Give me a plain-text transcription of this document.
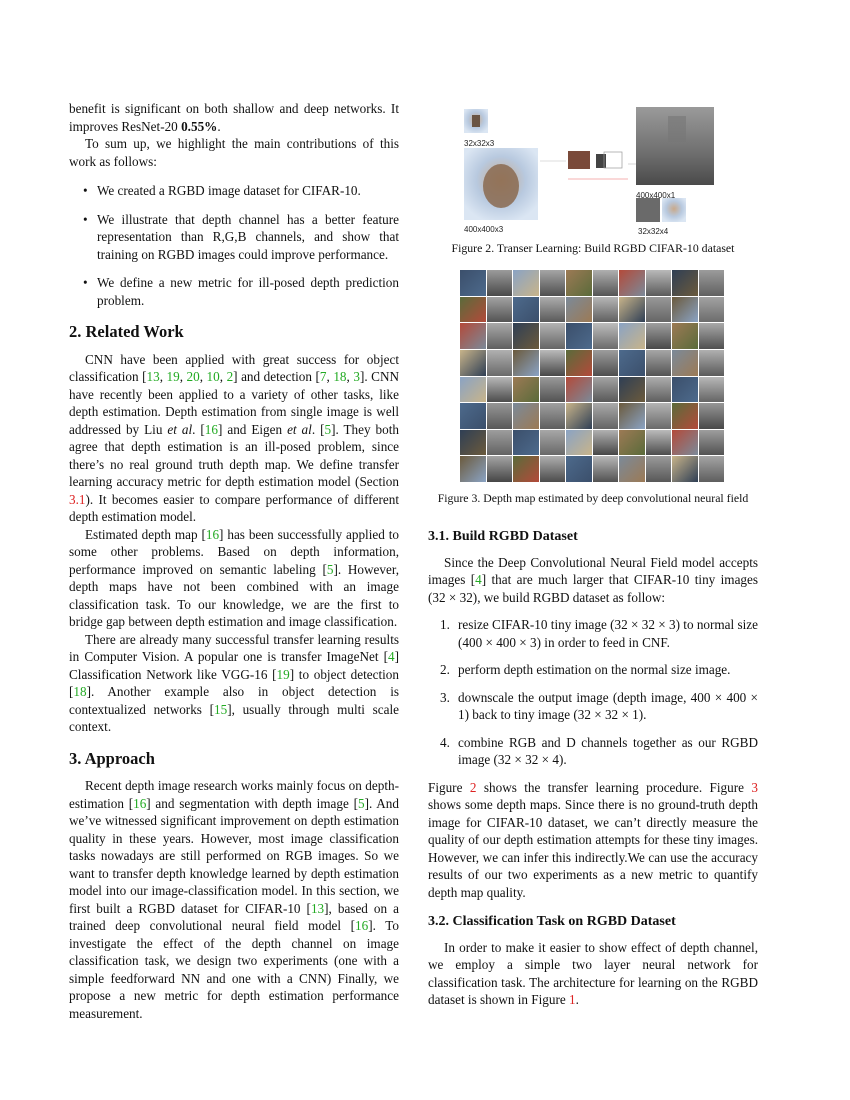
benefit is significant on both shallow and deep networks. It improves ResNet-20 0.55%.

To sum up, we highlight the main contributions of this work as follows:

• We created a RGBD image dataset for CIFAR-10.
• We illustrate that depth channel has a better feature representation than R,G,B channels, and show that training on RGBD images could improve performance.
• We define a new metric for ill-posed depth prediction problem.
2. Related Work

CNN have been applied with great success for object classification [13, 19, 20, 10, 2] and detection [7, 18, 3]. CNN have recently been applied to a variety of other tasks, like depth estimation. Depth estimation from single image is well addressed by Liu et al. [16] and Eigen et al. [5]. They both agree that depth estimation is an ill-posed problem, since there’s no real ground truth depth map. We define transfer learning accuracy metric for depth estimation model (Section 3.1). It becomes easier to compare performance of different depth estimation model.

Estimated depth map [16] has been successfully applied to some other problems. Based on depth information, performance improved on semantic labeling [5]. However, depth maps have not been combined with an image classification task. To our knowledge, we are the first to bridge gap between depth estimation and image classification.

There are already many successful transfer learning results in Computer Vision. A popular one is transfer ImageNet [4] Classification Network like VGG-16 [19] to object detection [18]. Another example also in object detection is contextualized networks [15], usually through multi scale context.

3. Approach

Recent depth image research works mainly focus on depth-estimation [16] and segmentation with depth image [5]. And we’ve witnessed significant improvement on depth estimation quality in these years. However, most image classification tasks nowadays are still performed on RGB images. So we want to transfer depth knowledge learned by depth estimation model into our image-classification model. In this section, we first built a RGBD dataset for CIFAR-10 [13], based on a trained deep convolutional neural field model [16]. To investigate the effect of the depth channel on image classification task, we design two experiments (one with a simple feedforward NN and one with a CNN) Finally, we propose a new metric for depth estimation performance measurement.

32x32x3
400x400x3
400x400x1
32x32x4
Figure 2. Transer Learning: Build RGBD CIFAR-10 dataset
Figure 3. Depth map estimated by deep convolutional neural field
3.1. Build RGBD Dataset

Since the Deep Convolutional Neural Field model accepts images [4] that are much larger that CIFAR-10 tiny images (32 × 32), we build RGBD dataset as follow:

1. resize CIFAR-10 tiny image (32 × 32 × 3) to normal size (400 × 400 × 3) in order to feed in CNF.
2. perform depth estimation on the normal size image.
3. downscale the output image (depth image, 400 × 400 × 1) back to tiny image (32 × 32 × 1).
4. combine RGB and D channels together as our RGBD image (32 × 32 × 4).

Figure 2 shows the transfer learning procedure. Figure 3 shows some depth maps. Since there is no ground-truth depth image for CIFAR-10 dataset, we can’t directly measure the quality of our depth estimation attempts for these tiny images. However, we can infer this indirectly.We can use the accuracy results of our two experiments as a new metric to quantify depth map quality.

3.2. Classification Task on RGBD Dataset

In order to make it easier to show effect of depth channel, we employ a simple two layer neural network for classification task. The architecture for learning on the RGBD dataset is shown in Figure 1.
